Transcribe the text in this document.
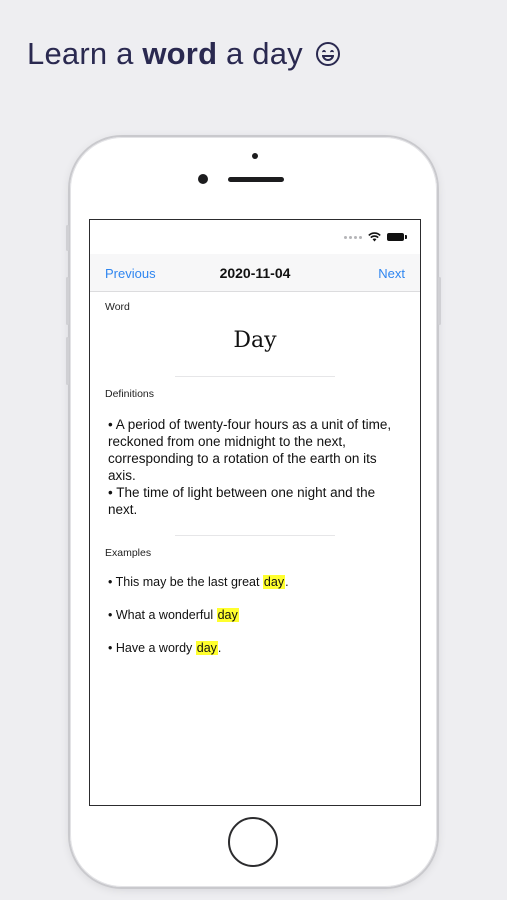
Learn a word a day
Previous	2020-11-04	Next
Word
Day
Definitions
• A period of twenty-four hours as a unit of time, reckoned from one midnight to the next, corresponding to a rotation of the earth on its axis.
• The time of light between one night and the next.
Examples
• This may be the last great day.
• What a wonderful day
• Have a wordy day.
